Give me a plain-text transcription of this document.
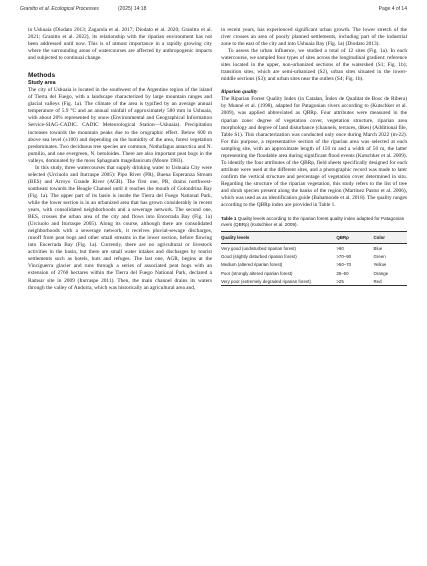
Granitto et al. Ecological Processes	(2025) 14:18	Page 4 of 14

in Ushuaia (Diodato 2013; Zagarola et al. 2017; Diodato et al. 2020; Granitto et al. 2021; Granitto et al. 2022), its relationship with the riparian environment has not been addressed until now. This is of utmost importance in a rapidly growing city where the surrounding areas of watercourses are affected by anthropogenic impacts and subjected to continual change.

Methods
Study area

The city of Ushuaia is located in the southwest of the Argentine region of the island of Tierra del Fuego, with a landscape characterized by large mountain ranges and glacial valleys (Fig. 1a). The climate of the area is typified by an average annual temperature of 5.9 °C and an annual rainfall of approximately 580 mm in Ushuaia, with about 20% represented by snow (Environmental and Geographical Information Service-SIAG-CADIC. CADIC Meteorological Station—Ushuaia). Precipitation increases towards the mountain peaks due to the orographic effect. Below 600 m above sea level (±100) and depending on the humidity of the area, forest vegetation predominates. Two deciduous tree species are common, Nothofagus antarctica and N. pumilio, and one evergreen, N. betuloides. There are also important peat bogs in the valleys, dominated by the moss Sphagnum magellanicum (Moore 1983).

In this study, three watercourses that supply drinking water to Ushuaia City were selected (Urciuolo and Iturraspe 2005): Pipo River (PR), Buena Esperanza Stream (BES) and Arroyo Grande River (AGR). The first one, PR, drains northwest-southeast towards the Beagle Channel until it reaches the mouth of Golondrina Bay (Fig. 1a). The upper part of its basin is inside the Tierra del Fuego National Park, while the lower section is in an urbanized area that has grown considerably in recent years, with consolidated neighborhoods and a sewerage network. The second one, BES, crosses the urban area of the city and flows into Encerrada Bay (Fig. 1a) (Urciuolo and Iturraspe 2005). Along its course, although there are consolidated neighborhoods with a sewerage network, it receives pluvial-sewage discharges, runoff from peat bogs and other small streams in the lower section, before flowing into Encerrada Bay (Fig. 1a). Currently, there are no agricultural or livestock activities in the basin, but there are small water intakes and discharges by tourist settlements such as hotels, huts and refuges. The last one, AGR, begins at the Vinciguerra glacier and runs through a series of associated peat bogs with an extension of 2760 hectares within the Tierra del Fuego National Park, declared a Ramsar site in 2009 (Iturraspe 2011). Then, the main channel drains its waters through the valley of Andorra, which was historically an agricultural area and,

in recent years, has experienced significant urban growth. The lower stretch of the river crosses an area of poorly planned settlements, including part of the industrial zone to the east of the city and into Ushuaia Bay (Fig. 1a) (Diodato 2013).

To assess the urban influence, we studied a total of 12 sites (Fig. 1a). In each watercourse, we sampled four types of sites across the longitudinal gradient: reference sites located in the upper, non-urbanized sections of the watershed (S1; Fig. 1b); transition sites, which are semi-urbanized (S2), urban sites situated in the lower-middle sections (S3); and urban sites near the outlets (S4; Fig. 1b).

Riparian quality

The Riparian Forest Quality Index (in Catalan, Índex de Qualitat de Bosc de Ribera) by Munné et al. (1998), adapted for Patagonian rivers according to (Kutschker et al. 2009), was applied abbreviated as QBRp. Four attributes were measured in the riparian zone: degree of vegetation cover, vegetation structure, riparian area morphology and degree of land disturbance (channels, terraces, dikes) (Additional file, Table S1). This characterization was conducted only once during March 2022 (m-22). For this purpose, a representative section of the riparian area was selected at each sampling site, with an approximate length of 150 m and a width of 50 m, the latter representing the floodable area during significant flood events (Kutschker et al. 2009). To identify the four attributes of the QBRp, field sheets specifically designed for each attribute were used at the different sites, and a photographic record was made to later confirm the vertical structure and percentage of vegetation cover determined in situ. Regarding the structure of the riparian vegetation, this study refers to the list of tree and shrub species present along the banks of the region (Martínez Pastur et al. 2006), which was used as an identification guide (Bahamonde et al. 2018). The quality ranges according to the QBRp index are provided in Table 1.

Table 1 Quality levels according to the riparian forest quality index adapted for Patagonian rivers (QBRp) (Kutschker et al. 2009).
Quality levels	QBRp	Color
Very good (undisturbed riparian forest)	>90	Blue
Good (slightly disturbed riparian forest)	>70–90	Green
Medium (altered riparian forest)	>50–70	Yellow
Poor (strongly altered riparian forest)	25–50	Orange
Very poor (extremely degraded riparian forest)	>25	Red
